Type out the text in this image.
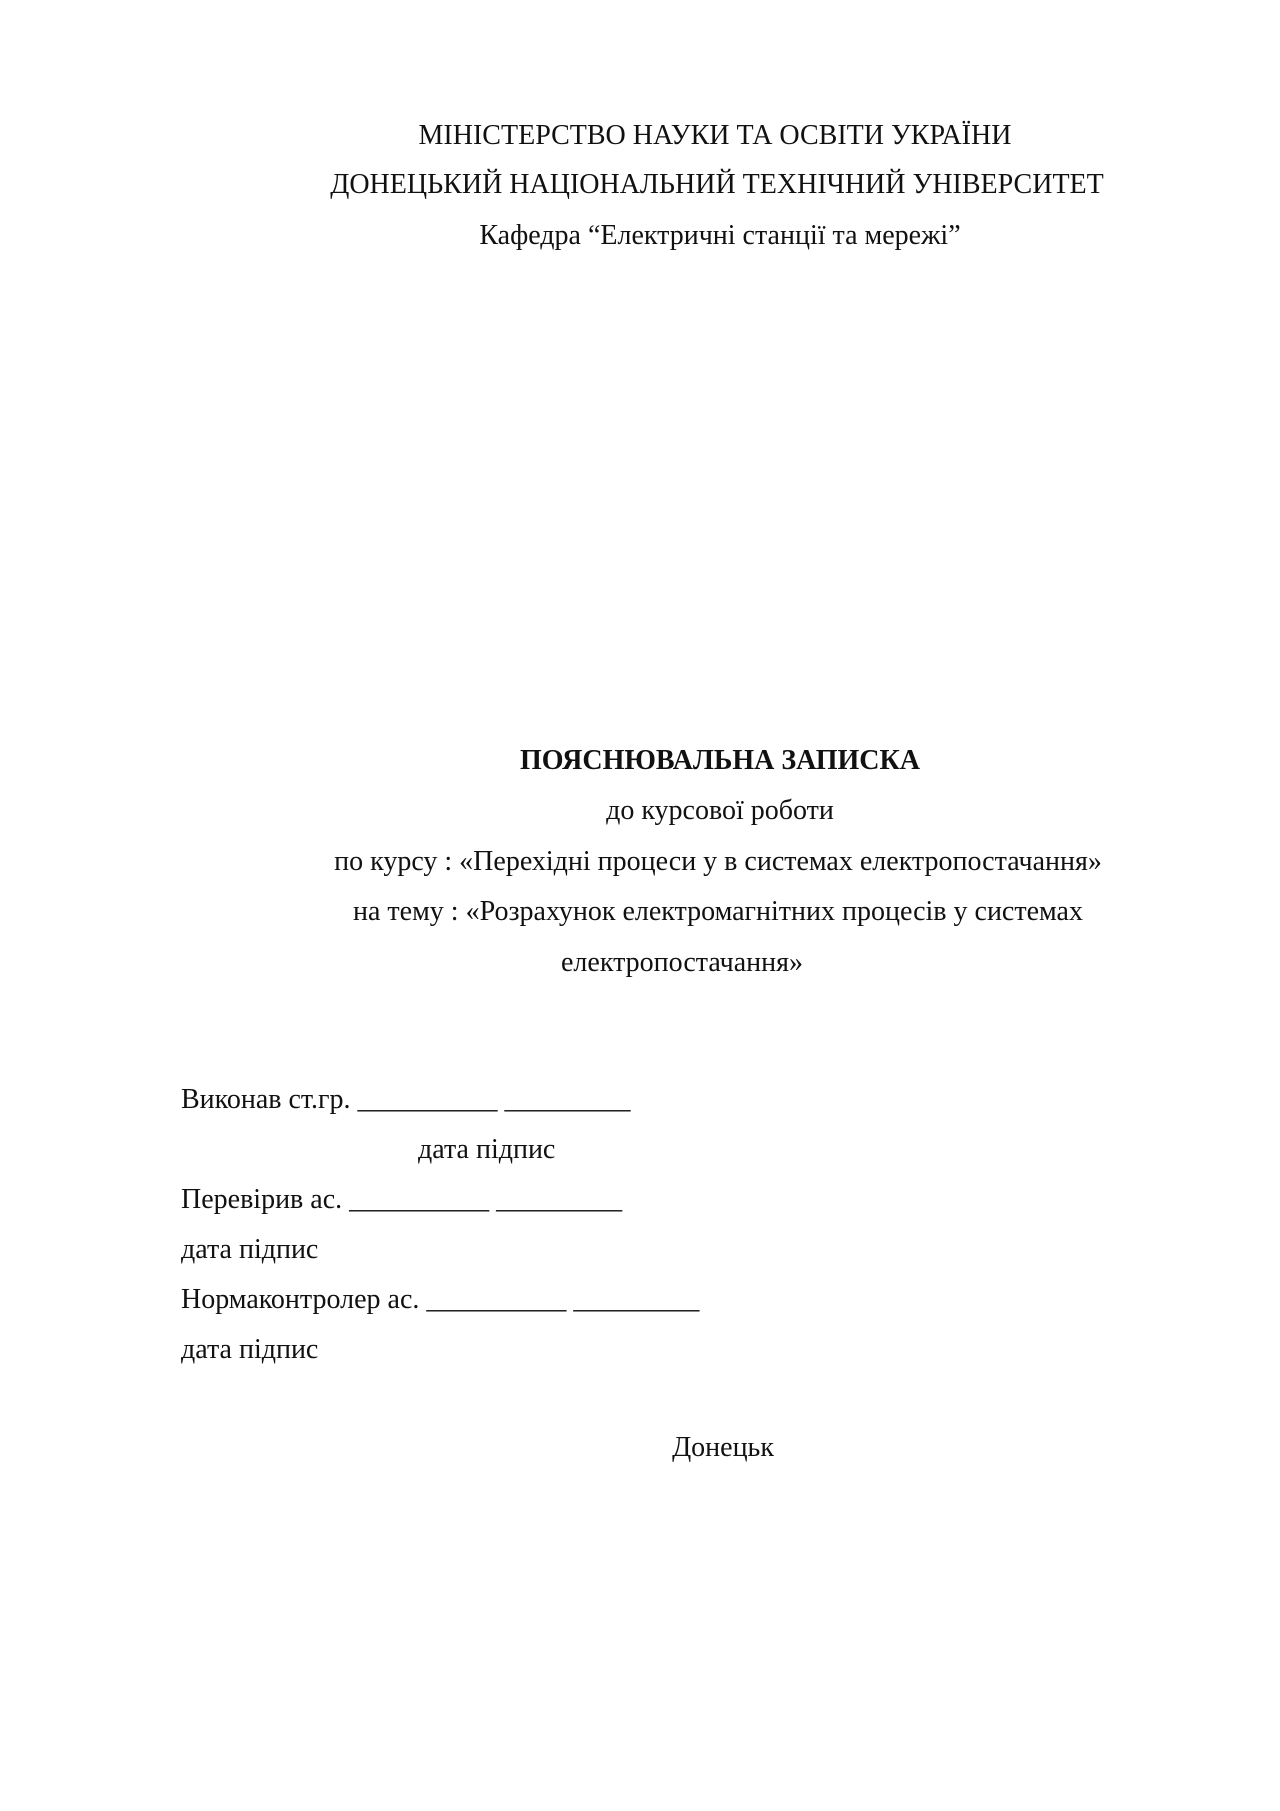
МІНІСТЕРСТВО НАУКИ ТА ОСВІТИ УКРАЇНИ
ДОНЕЦЬКИЙ НАЦІОНАЛЬНИЙ ТЕХНІЧНИЙ УНІВЕРСИТЕТ
Кафедра “Електричні станції та мережі”
ПОЯСНЮВАЛЬНА ЗАПИСКА
до курсової роботи
по курсу : «Перехідні процеси у в системах електропостачання»
на тему : «Розрахунок електромагнітних процесів у системах
електропостачання»
Виконав ст.гр. __________ _________
дата підпис
Перевірив ас. __________ _________
дата підпис
Нормаконтролер ас. __________ _________
дата підпис
Донецьк
